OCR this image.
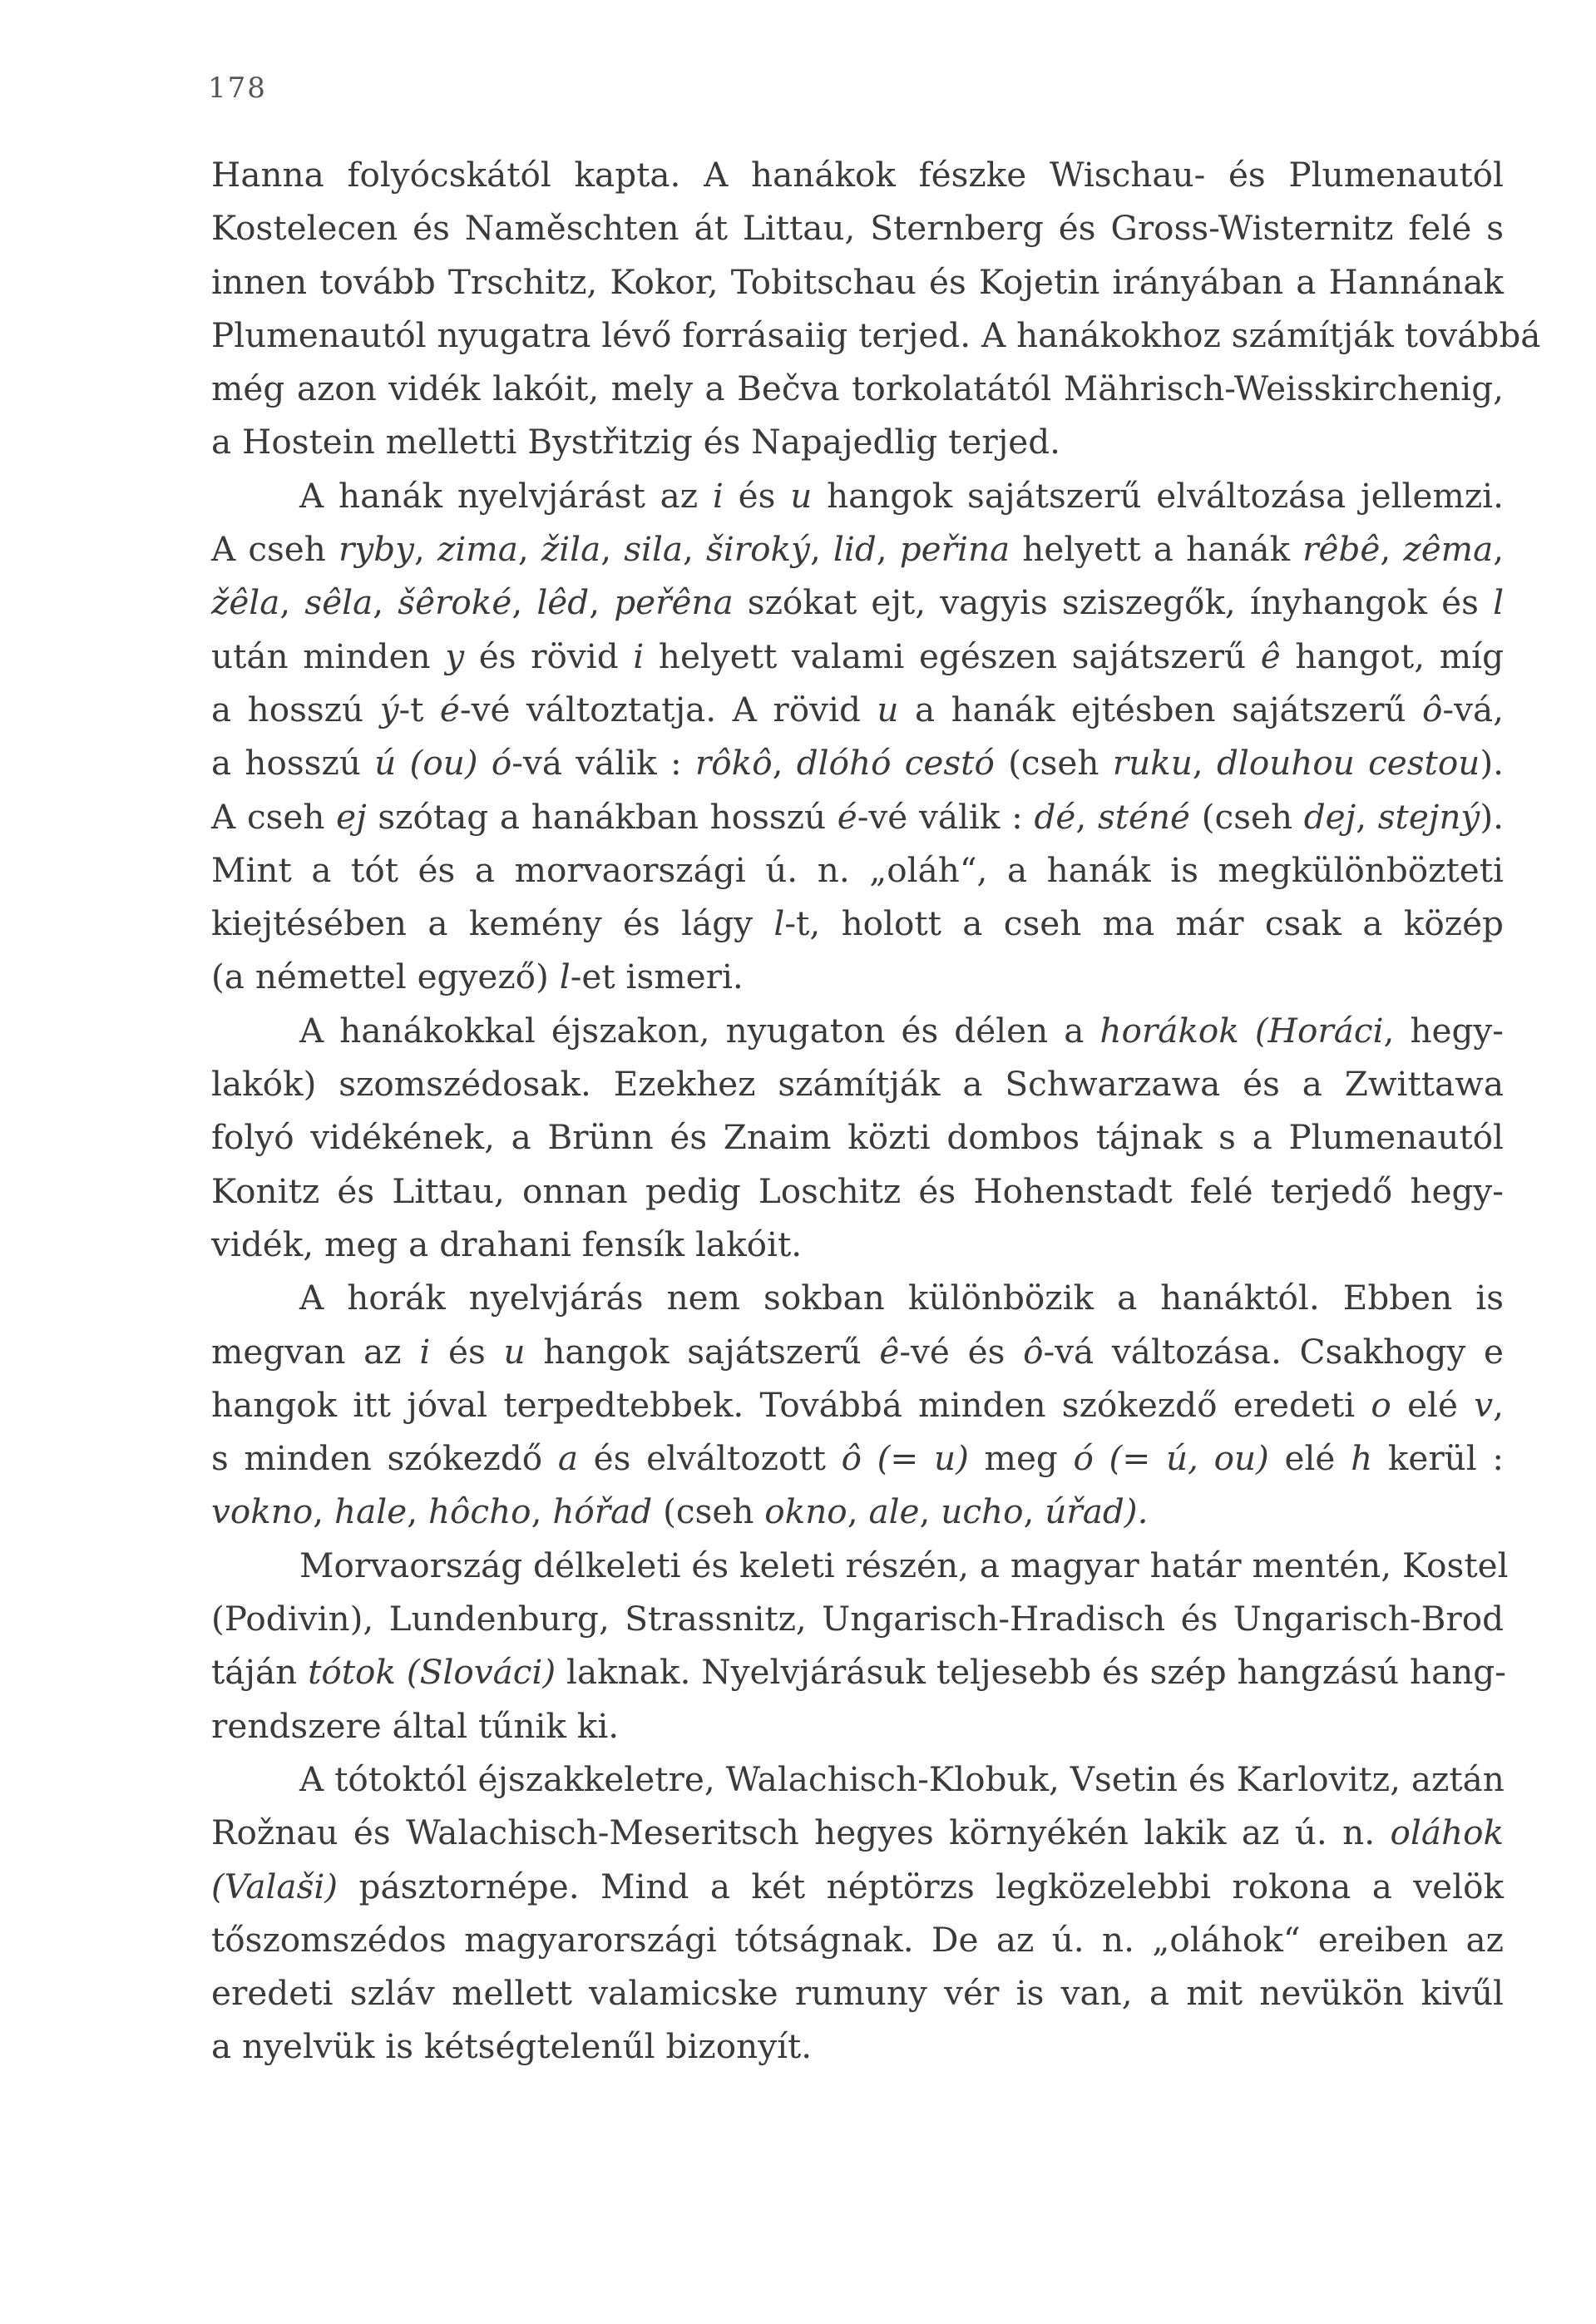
178
Hanna folyócskától kapta. A hanákok fészke Wischau- és Plumenautól
Kostelecen és Naměschten át Littau, Sternberg és Gross-Wisternitz felé s
innen tovább Trschitz, Kokor, Tobitschau és Kojetin irányában a Hannának
Plumenautól nyugatra lévő forrásaiig terjed. A hanákokhoz számítják továbbá
még azon vidék lakóit, mely a Bečva torkolatától Mährisch-Weisskirchenig,
a Hostein melletti Bystřitzig és Napajedlig terjed.
A hanák nyelvjárást az i és u hangok sajátszerű elváltozása jellemzi.
A cseh ryby, zima, žila, sila, široký, lid, peřina helyett a hanák rêbê, zêma,
žêla, sêla, šêroké, lêd, peřêna szókat ejt, vagyis sziszegők, ínyhangok és l
után minden y és rövid i helyett valami egészen sajátszerű ê hangot, míg
a hosszú ý-t é-vé változtatja. A rövid u a hanák ejtésben sajátszerű ô-vá,
a hosszú ú (ou) ó-vá válik : rôkô, dlóhó cestó (cseh ruku, dlouhou cestou).
A cseh ej szótag a hanákban hosszú é-vé válik : dé, sténé (cseh dej, stejný).
Mint a tót és a morvaországi ú. n. „oláh“, a hanák is megkülönbözteti
kiejtésében a kemény és lágy l-t, holott a cseh ma már csak a közép
(a némettel egyező) l-et ismeri.
A hanákokkal éjszakon, nyugaton és délen a horákok (Horáci, hegy-
lakók) szomszédosak. Ezekhez számítják a Schwarzawa és a Zwittawa
folyó vidékének, a Brünn és Znaim közti dombos tájnak s a Plumenautól
Konitz és Littau, onnan pedig Loschitz és Hohenstadt felé terjedő hegy-
vidék, meg a drahani fensík lakóit.
A horák nyelvjárás nem sokban különbözik a hanáktól. Ebben is
megvan az i és u hangok sajátszerű ê-vé és ô-vá változása. Csakhogy e
hangok itt jóval terpedtebbek. Továbbá minden szókezdő eredeti o elé v,
s minden szókezdő a és elváltozott ô (= u) meg ó (= ú, ou) elé h kerül :
vokno, hale, hôcho, hóřad (cseh okno, ale, ucho, úřad).
Morvaország délkeleti és keleti részén, a magyar határ mentén, Kostel
(Podivin), Lundenburg, Strassnitz, Ungarisch-Hradisch és Ungarisch-Brod
táján tótok (Slováci) laknak. Nyelvjárásuk teljesebb és szép hangzású hang-
rendszere által tűnik ki.
A tótoktól éjszakkeletre, Walachisch-Klobuk, Vsetin és Karlovitz, aztán
Rožnau és Walachisch-Meseritsch hegyes környékén lakik az ú. n. oláhok
(Valaši) pásztornépe. Mind a két néptörzs legközelebbi rokona a velök
tőszomszédos magyarországi tótságnak. De az ú. n. „oláhok“ ereiben az
eredeti szláv mellett valamicske rumuny vér is van, a mit nevükön kivűl
a nyelvük is kétségtelenűl bizonyít.
